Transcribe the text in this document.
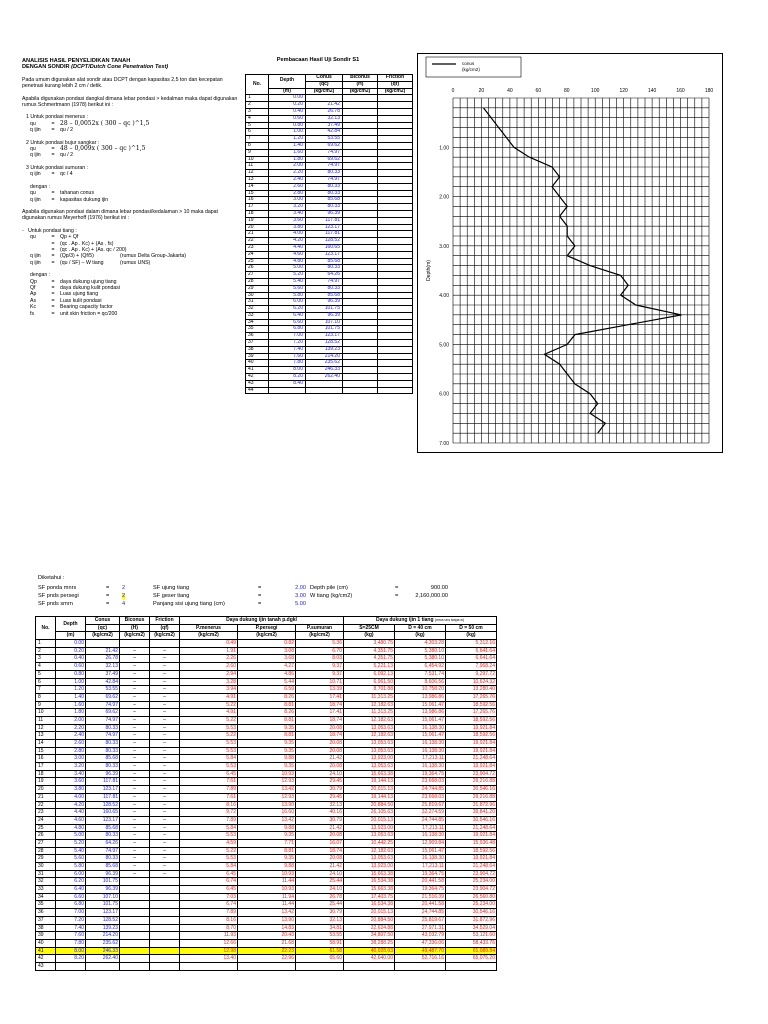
ANALISIS HASIL PENYELIDIKAN TANAH
DENGAN SONDIR (DCPT/Dutch Cone Penetration Test)

Pada umum digunakan alat sondir atau DCPT dengan kapasitas 2,5 ton dan kecepatan penetrasi kurang lebih 2 cm / detik.

Apabila digunakan pondasi dangkal dimana lebar pondasi > kedalman maka dapat digunakan rumus Schmertmann (1978) berikut ini :

1 Untuk pondasi menerus :

qu	= 28 – 0,0052x ( 300 – qc )^1,5
q ijin	=	qu / 2

2 Untuk pondasi bujur sangkar :

qu	= 48 – 0,009x ( 300 – qc )^1,5
q ijin	=	qu / 2

3 Untuk pondasi sumuran :

q ijin	=	qc / 4

dengan :

qu	=	tahanan conus
q ijin	=	kapasitas dukung ijin

Apabila digunakan pondasi dalam dimana lebar pondasi/kedalaman > 10 maka dapat digunakan rumus Meyerhoff (1976) berikut ini :

-   Untuk pondasi tiang :

qu	=	Qp + Qf
=	(qc . Ap . Kc) + (As . fs)
=	(qc . Ap . Kc) + (As. qc / 200)
q ijin	=	(Qp/3) + (Qf/5)	(rumus Delta Group-Jakarta)
q ijin	=	(qu / SF) – W tiang	(rumus UNS)

dengan :

Qp	=	daya dukung ujung tiang
Qf	=	daya dukung kulit pondasi
Ap	=	Luas ujung tiang
As	=	Luas kulit pondasi
Kc	=	Bearing capacity factor
fs	=	unit skin friction = qc/200
Pembacaan Hasil Uji Sondir S1
No.	Depth	Conus	Biconus	Friction
		(qc)	(H)	(qf)
	(m)	(kg/cm2)	(kg/cm2)	(kg/cm2)
1	0.00			
2	0.20	21.42		
3	0.40	26.78		
4	0.60	32.13		
5	0.80	37.49		
6	1.00	42.84		
7	1.20	53.55		
8	1.40	69.62		
9	1.60	74.97		
10	1.80	69.62		
11	2.00	74.97		
12	2.20	80.33		
13	2.40	74.97		
14	2.60	80.33		
15	2.80	80.33		
16	3.00	85.68		
17	3.20	80.33		
18	3.40	96.39		
19	3.60	117.81		
20	3.80	123.17		
21	4.00	117.81		
22	4.20	128.52		
23	4.40	160.65		
24	4.60	123.17		
25	4.80	85.68		
26	5.00	80.33		
27	5.20	64.26		
28	5.40	74.97		
29	5.60	80.33		
30	5.80	85.68		
31	6.00	96.39		
32	6.20	101.75		
33	6.40	96.39		
34	6.60	107.10		
35	6.80	101.75		
36	7.00	123.17		
37	7.20	128.52		
38	7.40	139.23		
39	7.60	214.20		
40	7.80	235.62		
41	8.00	246.33		
42	8.20	262.40		
43	8.40			
44				
0	20	40	60	80	100	120	140	160	180
1.00
2.00
3.00
4.00
5.00
6.00
7.00
Depth(m)
conus
(kg/cm2)
Diketahui :
SF ponda mnrs	= 2	SF ujung tiang	=	2.00 Depth pile (cm)	=	900.00
SF pnds persegi	= 2	SF geser tiang	=	3.00 W tiang (kg/cm2)	=	2,160,000.00
SF pnds smrn	= 4	Panjang sisi ujung tiang (cm)	=	5.00
No.	Depth	Conus	Biconus	Friction	Daya dukung ijin tanah p.dgkl			Daya dukung ijin 1 tiang (rmus uns tanpa w)		
		(qc)	(H)	(qf)	P.menerus	P.persegi	P.sumuran	S=25CM	D = 40 cm	D = 50 cm
	(m)	(kg/cm2)	(kg/cm2)	(kg/cm2)	(kg/cm2)	(kg/cm2)	(kg/cm2)	(kg)	(kg)	(kg)
1	0.00				0.49	0.82	5.36	3,480.75	4,303.28	5,312.16
2	0.20	21.42	–	–	1.91	3.08	6.70	4,351.75	5,380.10	6,641.64
3	0.40	26.78	–	–	2.26	3.68	8.03	4,351.75	5,380.10	6,641.64
4	0.60	32.13	–	–	2.60	4.27	9.37	5,221.13	6,454.92	7,968.24
5	0.80	37.49	–	–	2.94	4.86	9.37	6,092.13	7,531.74	9,297.72
6	1.00	42.84	–	–	3.28	5.44	10.71	6,961.50	8,606.56	10,624.32
7	1.20	53.55	–	–	3.94	6.59	13.39	8,701.88	10,758.20	13,280.40
8	1.40	69.62	–	–	4.91	8.26	17.41	11,313.25	13,986.86	17,265.76
9	1.60	74.97	–	–	5.22	8.81	18.74	12,182.63	15,061.47	18,592.56
10	1.80	69.62	–	–	4.91	8.26	17.41	11,313.25	13,986.86	17,265.76
11	2.00	74.97	–	–	5.22	8.81	18.74	12,182.63	15,061.47	18,592.56
12	2.20	80.33	–	–	5.53	9.35	20.08	13,053.63	16,138.30	19,921.84
13	2.40	74.97	–	–	5.22	8.81	18.74	12,182.63	15,061.47	18,592.56
14	2.60	80.33	–	–	5.53	9.35	20.08	13,053.63	16,138.30	19,921.84
15	2.80	80.33	–	–	5.53	9.35	20.08	13,053.63	16,138.30	19,921.84
16	3.00	85.68	–	–	5.84	9.88	21.42	13,923.00	17,213.11	21,248.64
17	3.20	80.33	–	–	5.53	9.35	20.08	13,053.63	16,138.30	19,921.84
18	3.40	96.39	–	–	6.45	10.93	24.10	15,663.38	19,364.75	23,904.72
19	3.60	117.81	–	–	7.61	12.93	29.45	19,144.13	23,668.03	29,216.88
20	3.80	123.17	–	–	7.89	13.42	30.79	20,015.13	24,744.85	30,546.16
21	4.00	117.81	–	–	7.61	12.93	29.45	19,144.13	23,668.03	29,216.88
22	4.20	128.52	–	–	8.16	13.90	32.13	20,884.50	25,819.67	31,872.96
23	4.40	160.65	–	–	9.72	16.60	40.16	26,105.63	32,274.59	39,841.20
24	4.60	123.17	–	–	7.89	13.42	30.79	20,015.13	24,744.85	30,546.16
25	4.80	85.68	–	–	5.84	9.88	21.42	13,923.00	17,213.11	21,248.64
26	5.00	80.33	–	–	5.53	9.35	20.08	13,053.63	16,138.30	19,921.84
27	5.20	64.26	–	–	4.59	7.71	16.07	10,442.25	12,909.84	15,936.48
28	5.40	74.97	–	–	5.22	8.81	18.74	12,182.63	15,061.47	18,592.56
29	5.60	80.33	–	–	5.53	9.35	20.08	13,053.63	16,138.30	19,921.84
30	5.80	85.68	–	–	5.84	9.88	21.42	13,923.00	17,213.11	21,248.64
31	6.00	96.39	–	–	6.45	10.93	24.10	15,663.38	19,364.75	23,904.72
32	6.20	101.75			6.74	11.44	25.44	16,534.38	20,441.58	25,234.00
33	6.40	96.39			6.45	10.93	24.10	15,663.38	19,364.75	23,904.72
34	6.60	107.10			7.03	11.94	26.78	17,403.75	21,516.39	26,560.80
35	6.80	101.75			6.74	11.44	25.44	16,534.38	20,441.58	25,234.00
36	7.00	123.17			7.89	13.42	30.79	20,015.13	24,744.85	30,546.16
37	7.20	128.52			8.16	13.90	32.13	20,884.50	25,819.67	31,872.96
38	7.40	139.23			8.70	14.83	34.81	22,624.88	27,971.31	34,529.04
39	7.60	214.20			11.93	20.43	53.55	34,807.50	43,032.79	53,121.60
40	7.80	235.62			12.66	21.68	58.91	38,288.25	47,336.06	58,433.76
41	8.00	246.33			12.98	22.23	61.58	40,028.63	49,487.70	61,089.84
42	8.20	262.40			13.40	22.96	65.60	42,640.00	52,716.16	65,075.20
43										
